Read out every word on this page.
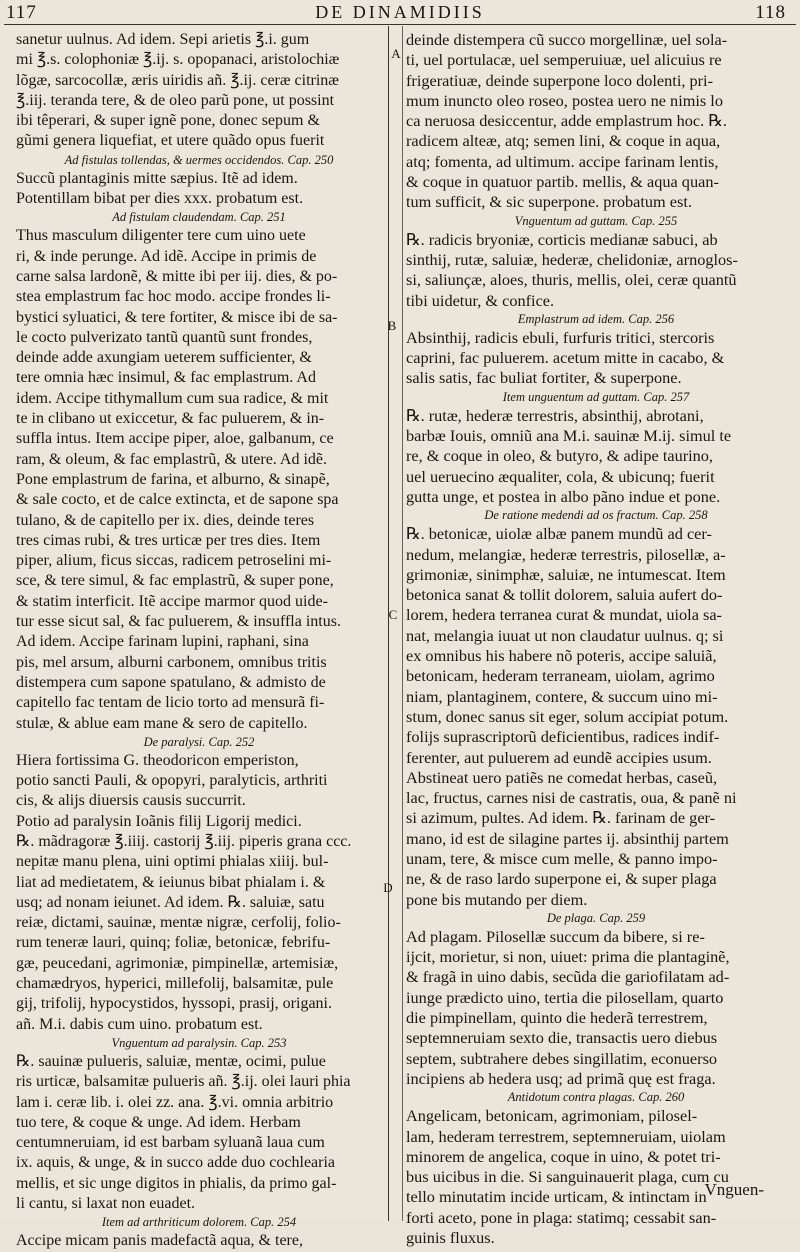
117	DE DINAMIDIIS	118
A
B
C
D
sanetur uulnus. Ad idem. Sepi arietis ℥.i. gum
mi ℥.s. colophoniæ ℥.ij. s. opopanaci, aristolochiæ
lõgæ, sarcocollæ, æris uiridis añ. ℥.ij. ceræ citrinæ
℥.iij. teranda tere, & de oleo parũ pone, ut possint
ibi têperari, & super ignẽ pone, donec sepum &
gũmi genera liquefiat, et utere quãdo opus fuerit
Ad fistulas tollendas, & uermes occidendos. Cap. 250
Succũ plantaginis mitte sæpius. Itẽ ad idem.
Potentillam bibat per dies xxx. probatum est.
Ad fistulam claudendam. Cap. 251
Thus masculum diligenter tere cum uino uete
ri, & inde perunge. Ad idẽ. Accipe in primis de
carne salsa lardonẽ, & mitte ibi per iij. dies, & po-
stea emplastrum fac hoc modo. accipe frondes li-
bystici syluatici, & tere fortiter, & misce ibi de sa-
le cocto pulverizato tantũ quantũ sunt frondes,
deinde adde axungiam ueterem sufficienter, &
tere omnia hæc insimul, & fac emplastrum. Ad
idem. Accipe tithymallum cum sua radice, & mit
te in clibano ut exiccetur, & fac puluerem, & in-
suffla intus. Item accipe piper, aloe, galbanum, ce
ram, & oleum, & fac emplastrũ, & utere. Ad idẽ.
Pone emplastrum de farina, et alburno, & sinapẽ,
& sale cocto, et de calce extincta, et de sapone spa
tulano, & de capitello per ix. dies, deinde teres
tres cimas rubi, & tres urticæ per tres dies. Item
piper, alium, ficus siccas, radicem petroselini mi-
sce, & tere simul, & fac emplastrũ, & super pone,
& statim interficit. Itẽ accipe marmor quod uide-
tur esse sicut sal, & fac puluerem, & insuffla intus.
Ad idem. Accipe farinam lupini, raphani, sina
pis, mel arsum, alburni carbonem, omnibus tritis
distempera cum sapone spatulano, & admisto de
capitello fac tentam de licio torto ad mensurã fi-
stulæ, & ablue eam mane & sero de capitello.
De paralysi. Cap. 252
Hiera fortissima G. theodoricon emperiston,
potio sancti Pauli, & opopyri, paralyticis, arthriti
cis, & alijs diuersis causis succurrit.
Potio ad paralysin Ioãnis filij Ligorij medici.
℞. mãdragoræ ℥.iiij. castorij ℥.iij. piperis grana ccc.
nepitæ manu plena, uini optimi phialas xiiij. bul-
liat ad medietatem, & ieiunus bibat phialam i. &
usq; ad nonam ieiunet. Ad idem. ℞. saluiæ, satu
reiæ, dictami, sauinæ, mentæ nigræ, cerfolij, folio-
rum teneræ lauri, quinq; foliæ, betonicæ, febrifu-
gæ, peucedani, agrimoniæ, pimpinellæ, artemisiæ,
chamædryos, hyperici, millefolij, balsamitæ, pule
gij, trifolij, hypocystidos, hyssopi, prasij, origani.
añ. M.i. dabis cum uino. probatum est.
Vnguentum ad paralysin. Cap. 253
℞. sauinæ pulueris, saluiæ, mentæ, ocimi, pulue
ris urticæ, balsamitæ pulueris añ. ℥.ij. olei lauri phia
lam i. ceræ lib. i. olei zz. ana. ℥.vi. omnia arbitrio
tuo tere, & coque & unge. Ad idem. Herbam
centumneruiam, id est barbam syluanã laua cum
ix. aquis, & unge, & in succo adde duo cochlearia
mellis, et sic unge digitos in phialis, da primo gal-
li cantu, si laxat non euadet.
Item ad arthriticum dolorem. Cap. 254
Accipe micam panis madefactã aqua, & tere,
deinde distempera cũ succo morgellinæ, uel sola-
ti, uel portulacæ, uel semperuiuæ, uel alicuius re
frigeratiuæ, deinde superpone loco dolenti, pri-
mum inuncto oleo roseo, postea uero ne nimis lo
ca neruosa desiccentur, adde emplastrum hoc. ℞.
radicem alteæ, atq; semen lini, & coque in aqua,
atq; fomenta, ad ultimum. accipe farinam lentis,
& coque in quatuor partib. mellis, & aqua quan-
tum sufficit, & sic superpone. probatum est.
Vnguentum ad guttam. Cap. 255
℞. radicis bryoniæ, corticis medianæ sabuci, ab
sinthij, rutæ, saluiæ, hederæ, chelidoniæ, arnoglos-
si, saliunçæ, aloes, thuris, mellis, olei, ceræ quantũ
tibi uidetur, & confice.
Emplastrum ad idem. Cap. 256
Absinthij, radicis ebuli, furfuris tritici, stercoris
caprini, fac puluerem. acetum mitte in cacabo, &
salis satis, fac buliat fortiter, & superpone.
Item unguentum ad guttam. Cap. 257
℞. rutæ, hederæ terrestris, absinthij, abrotani,
barbæ Iouis, omniũ ana M.i. sauinæ M.ij. simul te
re, & coque in oleo, & butyro, & adipe taurino,
uel ueruecino æqualiter, cola, & ubicunq; fuerit
gutta unge, et postea in albo pãno indue et pone.
De ratione medendi ad os fractum. Cap. 258
℞. betonicæ, uiolæ albæ panem mundũ ad cer-
nedum, melangiæ, hederæ terrestris, pilosellæ, a-
grimoniæ, sinimphæ, saluiæ, ne intumescat. Item
betonica sanat & tollit dolorem, saluia aufert do-
lorem, hedera terranea curat & mundat, uiola sa-
nat, melangia iuuat ut non claudatur uulnus. q; si
ex omnibus his habere nõ poteris, accipe saluiã,
betonicam, hederam terraneam, uiolam, agrimo
niam, plantaginem, contere, & succum uino mi-
stum, donec sanus sit eger, solum accipiat potum.
folijs suprascriptorũ deficientibus, radices indif-
ferenter, aut puluerem ad eundẽ accipies usum.
Abstineat uero patiẽs ne comedat herbas, caseũ,
lac, fructus, carnes nisi de castratis, oua, & panẽ ni
si azimum, pultes. Ad idem. ℞. farinam de ger-
mano, id est de silagine partes ij. absinthij partem
unam, tere, & misce cum melle, & panno impo-
ne, & de raso lardo superpone ei, & super plaga
pone bis mutando per diem.
De plaga. Cap. 259
Ad plagam. Pilosellæ succum da bibere, si re-
ijcit, morietur, si non, uiuet: prima die plantaginẽ,
& fragã in uino dabis, secũda die gariofilatam ad-
iunge prædicto uino, tertia die pilosellam, quarto
die pimpinellam, quinto die hederã terrestrem,
septemneruiam sexto die, transactis uero diebus
septem, subtrahere debes singillatim, econuerso
incipiens ab hedera usq; ad primã quę est fraga.
Antidotum contra plagas. Cap. 260
Angelicam, betonicam, agrimoniam, pilosel-
lam, hederam terrestrem, septemneruiam, uiolam
minorem de angelica, coque in uino, & potet tri-
bus uicibus in die. Si sanguinauerit plaga, cum cu
tello minutatim incide urticam, & intinctam in
forti aceto, pone in plaga: statimq; cessabit san-
guinis fluxus.
Vnguen-
